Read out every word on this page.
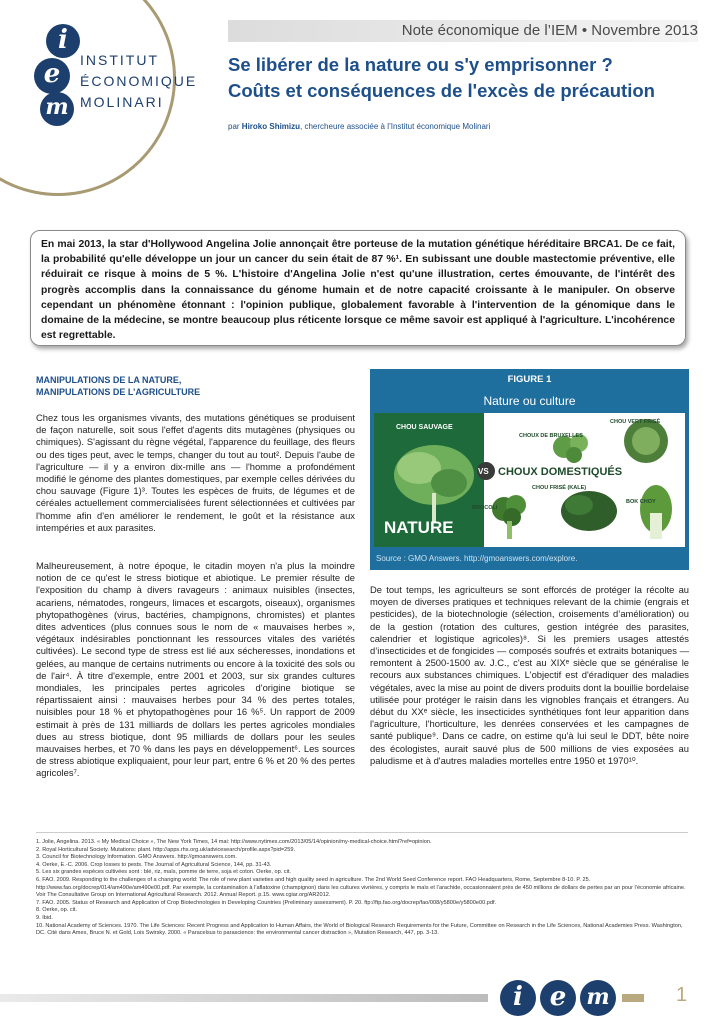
i
e
m
INSTITUT
ÉCONOMIQUE
MOLINARI
Note économique de l’IEM • Novembre 2013
Se libérer de la nature ou s'y emprisonner ?
Coûts et conséquences de l'excès de précaution
par Hiroko Shimizu, chercheure associée à l’Institut économique Molinari
En mai 2013, la star d'Hollywood Angelina Jolie annonçait être porteuse de la mutation génétique héréditaire BRCA1. De ce fait, la probabilité qu'elle développe un jour un cancer du sein était de 87 %¹. En subissant une double mastectomie préventive, elle réduirait ce risque à moins de 5 %. L'histoire d'Angelina Jolie n'est qu'une illustration, certes émouvante, de l'intérêt des progrès accomplis dans la connaissance du génome humain et de notre capacité croissante à le manipuler. On observe cependant un phénomène étonnant : l'opinion publique, globalement favorable à l'intervention de la génomique dans le domaine de la médecine, se montre beaucoup plus réticente lorsque ce même savoir est appliqué à l'agriculture. L'incohérence est regrettable.
MANIPULATIONS DE LA NATURE,
MANIPULATIONS DE L’AGRICULTURE
Chez tous les organismes vivants, des mutations génétiques se produisent de façon naturelle, soit sous l'effet d'agents dits mutagènes (physiques ou chimiques). S'agissant du règne végétal, l'apparence du feuillage, des fleurs ou des tiges peut, avec le temps, changer du tout au tout². Depuis l'aube de l'agriculture — il y a environ dix-mille ans — l'homme a profondément modifié le génome des plantes domestiques, par exemple celles dérivées du chou sauvage (Figure 1)³. Toutes les espèces de fruits, de légumes et de céréales actuellement commercialisées furent sélectionnées et cultivées par l'homme afin d'en améliorer le rendement, le goût et la résistance aux intempéries et aux parasites.
Malheureusement, à notre époque, le citadin moyen n'a plus la moindre notion de ce qu'est le stress biotique et abiotique. Le premier résulte de l'exposition du champ à divers ravageurs : animaux nuisibles (insectes, acariens, nématodes, rongeurs, limaces et escargots, oiseaux), organismes phytopathogènes (virus, bactéries, champignons, chromistes) et plantes dites adventices (plus connues sous le nom de « mauvaises herbes », végétaux indésirables ponctionnant les ressources vitales des variétés cultivées). Le second type de stress est lié aux sécheresses, inondations et gelées, au manque de certains nutriments ou encore à la toxicité des sols ou de l'air⁴. À titre d'exemple, entre 2001 et 2003, sur six grandes cultures mondiales, les principales pertes agricoles d'origine biotique se répartissaient ainsi : mauvaises herbes pour 34 % des pertes totales, nuisibles pour 18 % et phytopathogènes pour 16 %⁵. Un rapport de 2009 estimait à près de 131 milliards de dollars les pertes agricoles mondiales dues au stress biotique, dont 95 milliards de dollars pour les seules mauvaises herbes, et 70 % dans les pays en développement⁶. Les sources de stress abiotique expliquaient, pour leur part, entre 6 % et 20 % des pertes agricoles⁷.
FIGURE 1
Nature ou culture
CHOU SAUVAGE
NATURE
VS CHOUX DOMESTIQUÉS
CHOUX DE BRUXELLES
CHOU VERT FRISÉ
BROCOLI
CHOU FRISÉ (KALE)
BOK CHOY
Source : GMO Answers. http://gmoanswers.com/explore.
De tout temps, les agriculteurs se sont efforcés de protéger la récolte au moyen de diverses pratiques et techniques relevant de la chimie (engrais et pesticides), de la biotechnologie (sélection, croisements d’amélioration) ou de la gestion (rotation des cultures, gestion intégrée des parasites, calendrier et logistique agricoles)⁸. Si les premiers usages attestés d’insecticides et de fongicides — composés soufrés et extraits botaniques — remontent à 2500-1500 av. J.C., c'est au XIXᵉ siècle que se généralise le recours aux substances chimiques. L'objectif est d'éradiquer des maladies végétales, avec la mise au point de divers produits dont la bouillie bordelaise utilisée pour protéger le raisin dans les vignobles français et étrangers. Au début du XXᵉ siècle, les insecticides synthétiques font leur apparition dans l'agriculture, l'horticulture, les denrées conservées et les campagnes de santé publique⁹. Dans ce cadre, on estime qu'à lui seul le DDT, bête noire des écologistes, aurait sauvé plus de 500 millions de vies exposées au paludisme et à d'autres maladies mortelles entre 1950 et 1970¹⁰.
1. Jolie, Angelina. 2013. « My Medical Choice », The New York Times, 14 mai: http://www.nytimes.com/2013/05/14/opinion/my-medical-choice.html?ref=opinion.
2. Royal Horticultural Society. Mutations: plant. http://apps.rhs.org.uk/advicesearch/profile.aspx?pid=259.
3. Council for Biotechnology Information. GMO Answers. http://gmoanswers.com.
4. Oerke, E.-C. 2006. Crop losses to pests. The Journal of Agricultural Science, 144, pp. 31-43.
5. Les six grandes espèces cultivées sont : blé, riz, maïs, pomme de terre, soja et coton. Oerke, op. cit.
6. FAO. 2009. Responding to the challenges of a changing world: The role of new plant varieties and high quality seed in agriculture. The 2nd World Seed Conference report. FAO Headquarters, Rome, Septembre 8-10. P. 25. http://www.fao.org/docrep/014/am490e/am490e00.pdf. Par exemple, la contamination à l’aflatoxine (champignon) dans les cultures vivrières, y compris le maïs et l’arachide, occasionnaient près de 450 millions de dollars de pertes par an pour l’économie africaine. Voir The Consultative Group on International Agricultural Research. 2012. Annual Report. p.15. www.cgiar.org/AR2012.
7. FAO. 2005. Status of Research and Application of Crop Biotechnologies in Developing Countries (Preliminary assessment). P. 20. ftp://ftp.fao.org/docrep/fao/008/y5800e/y5800e00.pdf.
8. Oerke, op. cit.
9. Ibid.
10. National Academy of Sciences. 1970. The Life Sciences: Recent Progress and Application to Human Affairs, the World of Biological Research Requirements for the Future, Committee on Research in the Life Sciences, National Academies Press. Washington, DC. Cité dans Ames, Bruce N. et Gold, Lois Swirsky. 2000. « Paracelsus to parascience: the environmental cancer distraction », Mutation Research, 447, pp. 3-13.
i	e m	1
